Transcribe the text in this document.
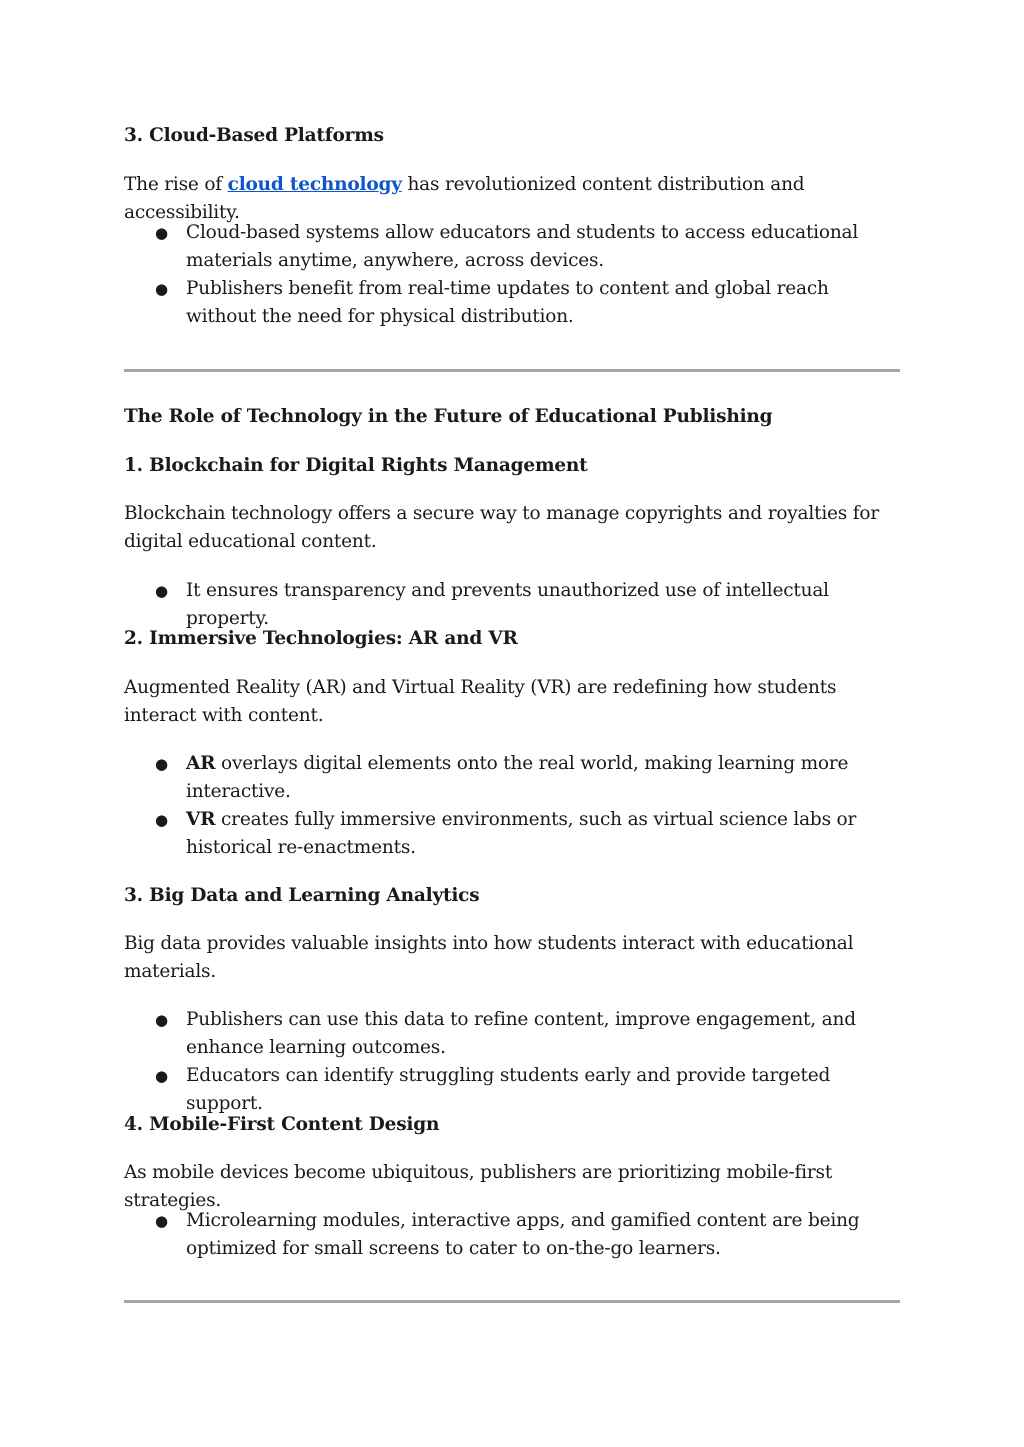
3. Cloud-Based Platforms
The rise of cloud technology has revolutionized content distribution and accessibility.
● Cloud-based systems allow educators and students to access educational materials anytime, anywhere, across devices.
● Publishers benefit from real-time updates to content and global reach without the need for physical distribution.
The Role of Technology in the Future of Educational Publishing
1. Blockchain for Digital Rights Management
Blockchain technology offers a secure way to manage copyrights and royalties for digital educational content.
● It ensures transparency and prevents unauthorized use of intellectual property.
2. Immersive Technologies: AR and VR
Augmented Reality (AR) and Virtual Reality (VR) are redefining how students interact with content.
● AR overlays digital elements onto the real world, making learning more interactive.
● VR creates fully immersive environments, such as virtual science labs or historical re-enactments.
3. Big Data and Learning Analytics
Big data provides valuable insights into how students interact with educational materials.
● Publishers can use this data to refine content, improve engagement, and enhance learning outcomes.
● Educators can identify struggling students early and provide targeted support.
4. Mobile-First Content Design
As mobile devices become ubiquitous, publishers are prioritizing mobile-first strategies.
● Microlearning modules, interactive apps, and gamified content are being optimized for small screens to cater to on-the-go learners.
